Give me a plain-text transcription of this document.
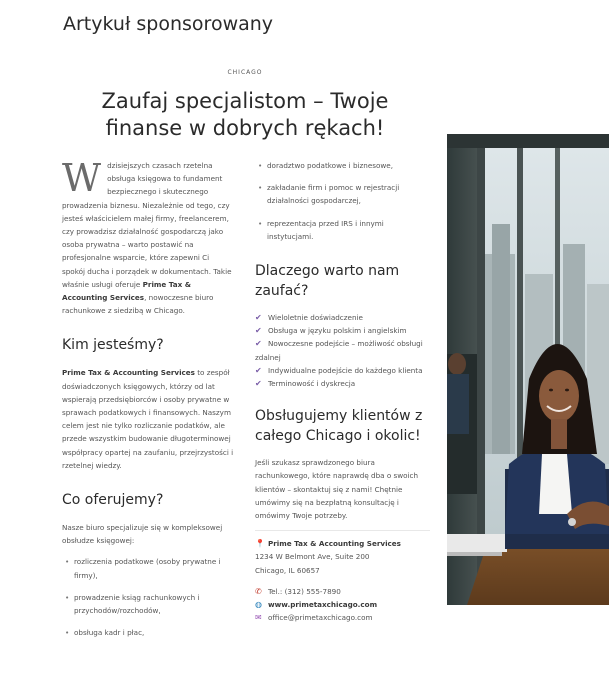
Artykuł sponsorowany
CHICAGO
Zaufaj specjalistom – Twoje finanse w dobrych rękach!

Wdzisiejszych czasach rzetelna obsługa księgowa to fundament bezpiecznego i skutecznego prowadzenia biznesu. Niezależnie od tego, czy jesteś właścicielem małej firmy, freelancerem, czy prowadzisz działalność gospodarczą jako osoba prywatna – warto postawić na profesjonalne wsparcie, które zapewni Ci spokój ducha i porządek w dokumentach. Takie właśnie usługi oferuje Prime Tax & Accounting Services, nowoczesne biuro rachunkowe z siedzibą w Chicago.

Kim jesteśmy?

Prime Tax & Accounting Services to zespół doświadczonych księgowych, którzy od lat wspierają przedsiębiorców i osoby prywatne w sprawach podatkowych i finansowych. Naszym celem jest nie tylko rozliczanie podatków, ale przede wszystkim budowanie długoterminowej współpracy opartej na zaufaniu, przejrzystości i rzetelnej wiedzy.

Co oferujemy?

Nasze biuro specjalizuje się w kompleksowej obsłudze księgowej:

• rozliczenia podatkowe (osoby prywatne i firmy),
• prowadzenie ksiąg rachunkowych i przychodów/rozchodów,
• obsługa kadr i płac,
• doradztwo podatkowe i biznesowe,
• zakładanie firm i pomoc w rejestracji działalności gospodarczej,
• reprezentacja przed IRS i innymi instytucjami.
Dlaczego warto nam zaufać?
✔ Wieloletnie doświadczenie
✔ Obsługa w języku polskim i angielskim
✔ Nowoczesne podejście – możliwość obsługi zdalnej
✔ Indywidualne podejście do każdego klienta
✔ Terminowość i dyskrecja
Obsługujemy klientów z całego Chicago i okolic!

Jeśli szukasz sprawdzonego biura rachunkowego, które naprawdę dba o swoich klientów – skontaktuj się z nami! Chętnie umówimy się na bezpłatną konsultację i omówimy Twoje potrzeby.

📍 Prime Tax & Accounting Services
1234 W Belmont Ave, Suite 200
Chicago, IL 60657
✆ Tel.: (312) 555-7890
◍ www.primetaxchicago.com
✉ office@primetaxchicago.com
